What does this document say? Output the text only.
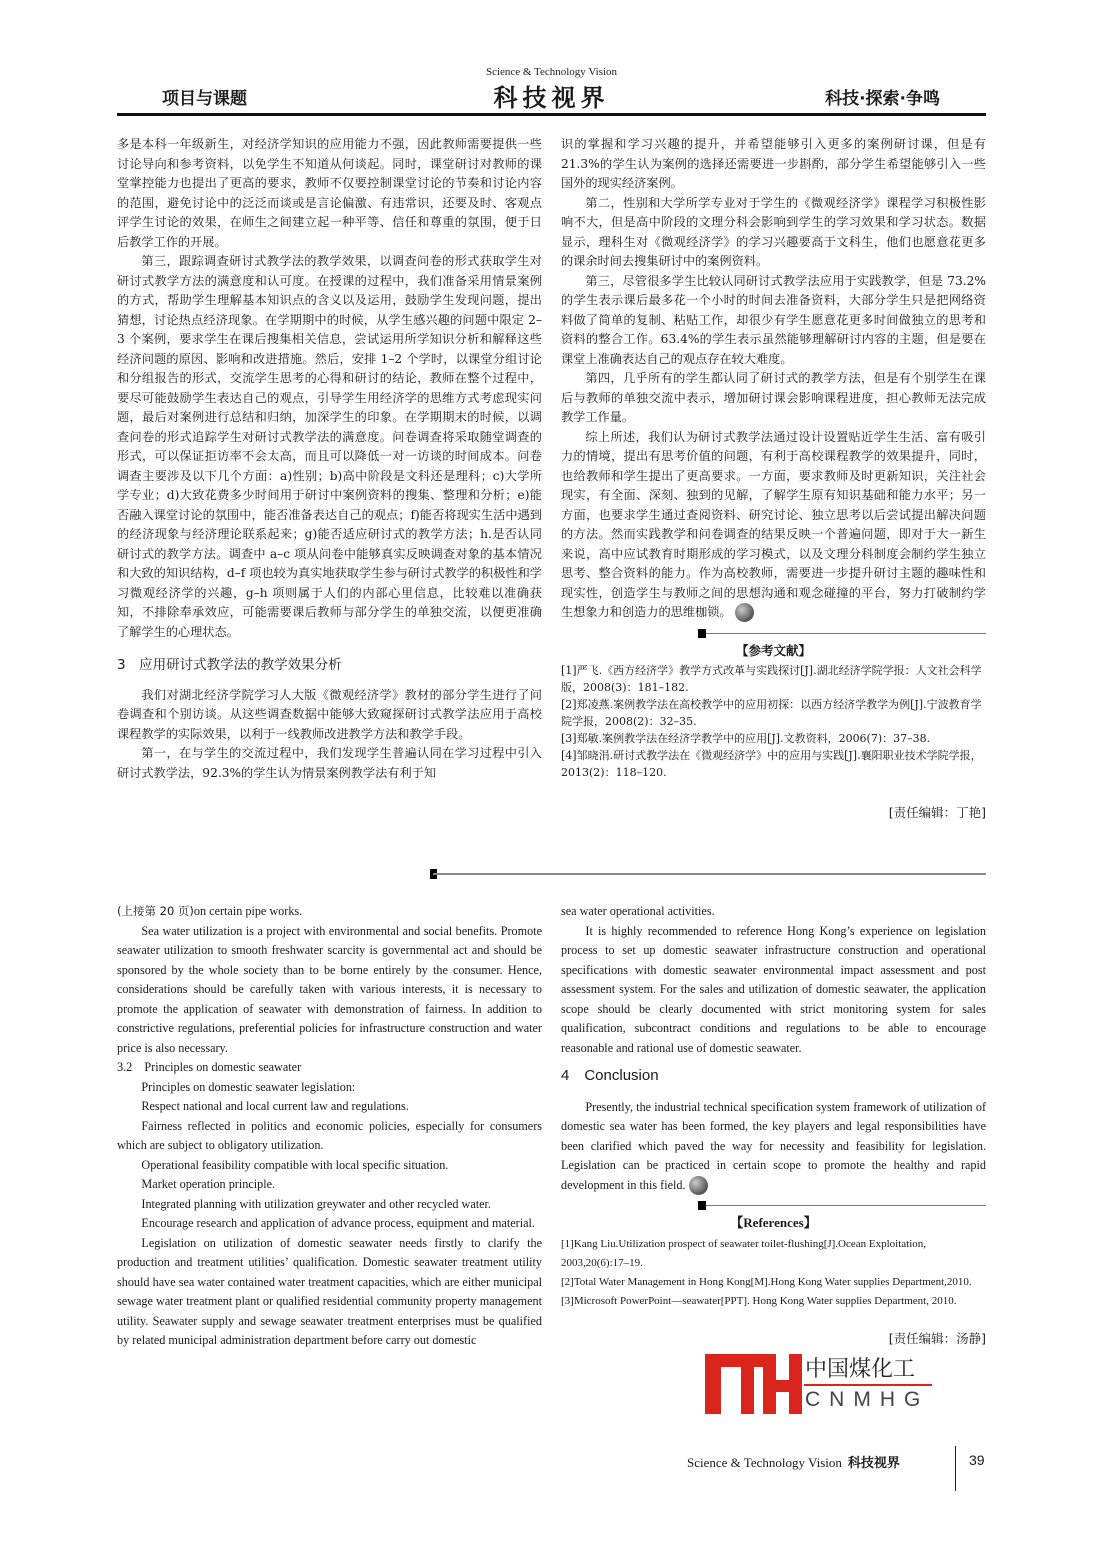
Science & Technology Vision
项目与课题	科技视界	科技·探索·争鸣

多是本科一年级新生，对经济学知识的应用能力不强，因此教师需要提供一些讨论导向和参考资料，以免学生不知道从何谈起。同时，课堂研讨对教师的课堂掌控能力也提出了更高的要求，教师不仅要控制课堂讨论的节奏和讨论内容的范围，避免讨论中的泛泛而谈或是言论偏激、有违常识，还要及时、客观点评学生讨论的效果，在师生之间建立起一种平等、信任和尊重的氛围，便于日后教学工作的开展。

第三，跟踪调查研讨式教学法的教学效果，以调查问卷的形式获取学生对研讨式教学方法的满意度和认可度。在授课的过程中，我们准备采用情景案例的方式，帮助学生理解基本知识点的含义以及运用，鼓励学生发现问题，提出猜想，讨论热点经济现象。在学期期中的时候，从学生感兴趣的问题中限定 2–3 个案例，要求学生在课后搜集相关信息，尝试运用所学知识分析和解释这些经济问题的原因、影响和改进措施。然后，安排 1–2 个学时，以课堂分组讨论和分组报告的形式，交流学生思考的心得和研讨的结论，教师在整个过程中，要尽可能鼓励学生表达自己的观点，引导学生用经济学的思维方式考虑现实问题，最后对案例进行总结和归纳，加深学生的印象。在学期期末的时候，以调查问卷的形式追踪学生对研讨式教学法的满意度。问卷调查将采取随堂调查的形式，可以保证拒访率不会太高，而且可以降低一对一访谈的时间成本。问卷调查主要涉及以下几个方面：a)性别；b)高中阶段是文科还是理科；c)大学所学专业；d)大致花费多少时间用于研讨中案例资料的搜集、整理和分析；e)能否融入课堂讨论的氛围中，能否准备表达自己的观点；f)能否将现实生活中遇到的经济现象与经济理论联系起来；g)能否适应研讨式的教学方法；h.是否认同研讨式的教学方法。调查中 a–c 项从问卷中能够真实反映调查对象的基本情况和大致的知识结构，d–f 项也较为真实地获取学生参与研讨式教学的积极性和学习微观经济学的兴趣，g–h 项则属于人们的内部心里信息，比较难以准确获知，不排除奉承效应，可能需要课后教师与部分学生的单独交流，以便更准确了解学生的心理状态。

3　应用研讨式教学法的教学效果分析

我们对湖北经济学院学习人大版《微观经济学》教材的部分学生进行了问卷调查和个别访谈。从这些调查数据中能够大致窥探研讨式教学法应用于高校课程教学的实际效果，以利于一线教师改进教学方法和教学手段。

第一，在与学生的交流过程中，我们发现学生普遍认同在学习过程中引入研讨式教学法，92.3%的学生认为情景案例教学法有利于知

识的掌握和学习兴趣的提升，并希望能够引入更多的案例研讨课，但是有 21.3%的学生认为案例的选择还需要进一步斟酌，部分学生希望能够引入一些国外的现实经济案例。

第二，性别和大学所学专业对于学生的《微观经济学》课程学习积极性影响不大，但是高中阶段的文理分科会影响到学生的学习效果和学习状态。数据显示，理科生对《微观经济学》的学习兴趣要高于文科生，他们也愿意花更多的课余时间去搜集研讨中的案例资料。

第三，尽管很多学生比较认同研讨式教学法应用于实践教学，但是 73.2%的学生表示课后最多花一个小时的时间去准备资料，大部分学生只是把网络资料做了简单的复制、粘贴工作，却很少有学生愿意花更多时间做独立的思考和资料的整合工作。63.4%的学生表示虽然能够理解研讨内容的主题，但是要在课堂上准确表达自己的观点存在较大难度。

第四，几乎所有的学生都认同了研讨式的教学方法，但是有个别学生在课后与教师的单独交流中表示，增加研讨课会影响课程进度，担心教师无法完成教学工作量。

综上所述，我们认为研讨式教学法通过设计设置贴近学生生活、富有吸引力的情境，提出有思考价值的问题，有利于高校课程教学的效果提升，同时，也给教师和学生提出了更高要求。一方面，要求教师及时更新知识，关注社会现实，有全面、深刻、独到的见解，了解学生原有知识基础和能力水平；另一方面，也要求学生通过查阅资料、研究讨论、独立思考以后尝试提出解决问题的方法。然而实践教学和问卷调查的结果反映一个普遍问题，即对于大一新生来说，高中应试教育时期形成的学习模式，以及文理分科制度会制约学生独立思考、整合资料的能力。作为高校教师，需要进一步提升研讨主题的趣味性和现实性，创造学生与教师之间的思想沟通和观念碰撞的平台，努力打破制约学生想象力和创造力的思维枷锁。 S

【参考文献】

[1]严飞.《西方经济学》教学方式改革与实践探讨[J].湖北经济学院学报：人文社会科学版，2008(3)：181–182.

[2]郑凌燕.案例教学法在高校教学中的应用初探：以西方经济学教学为例[J].宁波教育学院学报，2008(2)：32–35.

[3]郑敏.案例教学法在经济学教学中的应用[J].文教资料，2006(7)：37–38.

[4]邹晓涓.研讨式教学法在《微观经济学》中的应用与实践[J].襄阳职业技术学院学报，2013(2)：118–120.

[责任编辑：丁艳]

(上接第 20 页)on certain pipe works.

Sea water utilization is a project with environmental and social benefits. Promote seawater utilization to smooth freshwater scarcity is governmental act and should be sponsored by the whole society than to be borne entirely by the consumer. Hence, considerations should be carefully taken with various interests, it is necessary to promote the application of seawater with demonstration of fairness. In addition to constrictive regulations, preferential policies for infrastructure construction and water price is also necessary.

3.2　Principles on domestic seawater

Principles on domestic seawater legislation:

Respect national and local current law and regulations.

Fairness reflected in politics and economic policies, especially for consumers which are subject to obligatory utilization.

Operational feasibility compatible with local specific situation.

Market operation principle.

Integrated planning with utilization greywater and other recycled water.

Encourage research and application of advance process, equipment and material.

Legislation on utilization of domestic seawater needs firstly to clarify the production and treatment utilities’ qualification. Domestic seawater treatment utility should have sea water contained water treatment capacities, which are either municipal sewage water treatment plant or qualified residential community property management utility. Seawater supply and sewage seawater treatment enterprises must be qualified by related municipal administration department before carry out domestic

sea water operational activities.

It is highly recommended to reference Hong Kong’s experience on legislation process to set up domestic seawater infrastructure construction and operational specifications with domestic seawater environmental impact assessment and post assessment system. For the sales and utilization of domestic seawater, the application scope should be clearly documented with strict monitoring system for sales qualification, subcontract conditions and regulations to be able to encourage reasonable and rational use of domestic seawater.

4　Conclusion

Presently, the industrial technical specification system framework of utilization of domestic sea water has been formed, the key players and legal responsibilities have been clarified which paved the way for necessity and feasibility for legislation. Legislation can be practiced in certain scope to promote the healthy and rapid development in this field. S

【References】

[1]Kang Liu.Utilization prospect of seawater toilet-flushing[J].Ocean Exploitation, 2003,20(6):17–19.

[2]Total Water Management in Hong Kong[M].Hong Kong Water supplies Department,2010.

[3]Microsoft PowerPoint—seawater[PPT]. Hong Kong Water supplies Department, 2010.

[责任编辑：汤静]
中国煤化工
CNMHG
Science & Technology Vision 科技视界	39
